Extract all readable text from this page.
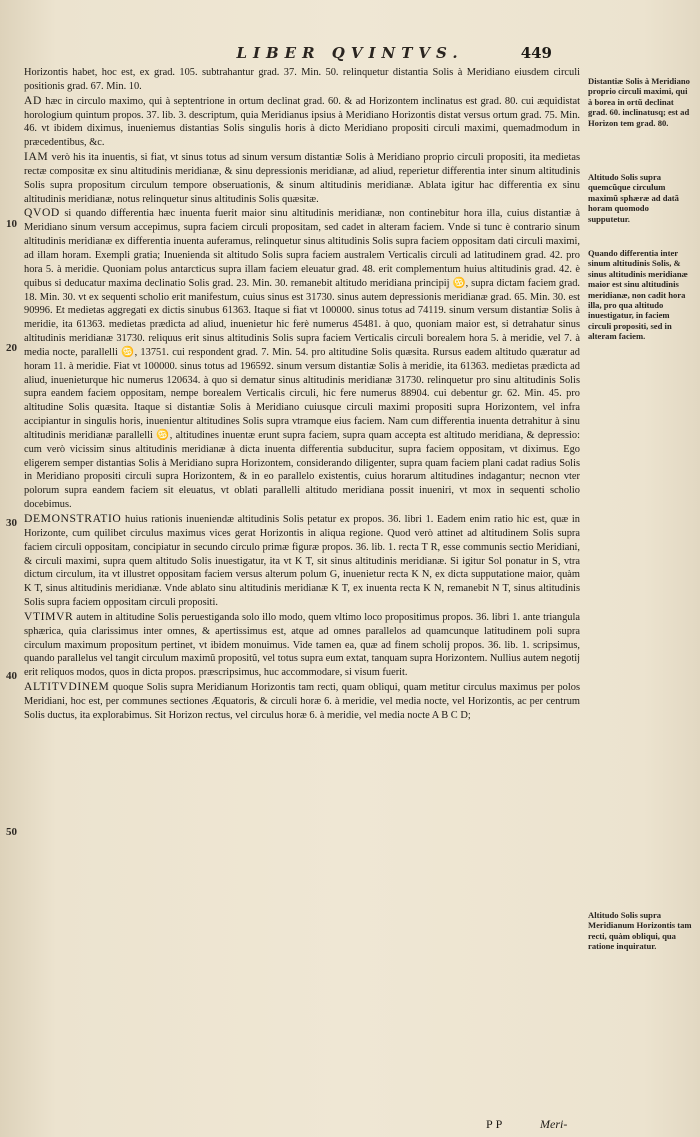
LIBER QVINTVS.	449

Horizontis habet, hoc est, ex grad. 105. subtrahantur grad. 37. Min. 50. relinquetur distantia Solis à Meridiano eiusdem circuli positionis grad. 67. Min. 10.

AD hæc in circulo maximo, qui à septentrione in ortum declinat grad. 60. & ad Horizontem inclinatus est grad. 80. cui æquidistat horologium quintum propos. 37. lib. 3. descriptum, quia Meridianus ipsius à Meridiano Horizontis distat versus ortum grad. 75. Min. 46. vt ibidem diximus, inueniemus distantias Solis singulis horis à dicto Meridiano propositi circuli maximi, quemadmodum in præcedentibus, &c.

IAM verò his ita inuentis, si fiat, vt sinus totus ad sinum versum distantiæ Solis à Meridiano proprio circuli propositi, ita medietas rectæ compositæ ex sinu altitudinis meridianæ, & sinu depressionis meridianæ, ad aliud, reperietur differentia inter sinum altitudinis Solis supra propositum circulum tempore obseruationis, & sinum altitudinis meridianæ. Ablata igitur hac differentia ex sinu altitudinis meridianæ, notus relinquetur sinus altitudinis Solis quæsitæ.

QVOD si quando differentia hæc inuenta fuerit maior sinu altitudinis meridianæ, non continebitur hora illa, cuius distantiæ à Meridiano sinum versum accepimus, supra faciem circuli propositam, sed cadet in alteram faciem. Vnde si tunc è contrario sinum altitudinis meridianæ ex differentia inuenta auferamus, relinquetur sinus altitudinis Solis supra faciem oppositam dati circuli maximi, ad illam horam. Exempli gratia; Inuenienda sit altitudo Solis supra faciem australem Verticalis circuli ad latitudinem grad. 42. pro hora 5. à meridie. Quoniam polus antarcticus supra illam faciem eleuatur grad. 48. erit complementum huius altitudinis grad. 42. è quibus si deducatur maxima declinatio Solis grad. 23. Min. 30. remanebit altitudo meridiana principij ♋, supra dictam faciem grad. 18. Min. 30. vt ex sequenti scholio erit manifestum, cuius sinus est 31730. sinus autem depressionis meridianæ grad. 65. Min. 30. est 90996. Et medietas aggregati ex dictis sinubus 61363. Itaque si fiat vt 100000. sinus totus ad 74119. sinum versum distantiæ Solis à meridie, ita 61363. medietas prædicta ad aliud, inuenietur hic ferè numerus 45481. à quo, quoniam maior est, si detrahatur sinus altitudinis meridianæ 31730. reliquus erit sinus altitudinis Solis supra faciem Verticalis circuli borealem hora 5. à meridie, vel 7. à media nocte, parallelli ♋, 13751. cui respondent grad. 7. Min. 54. pro altitudine Solis quæsita. Rursus eadem altitudo quæratur ad horam 11. à meridie. Fiat vt 100000. sinus totus ad 196592. sinum versum distantiæ Solis à meridie, ita 61363. medietas prædicta ad aliud, inuenieturque hic numerus 120634. à quo si dematur sinus altitudinis meridianæ 31730. relinquetur pro sinu altitudinis Solis supra eandem faciem oppositam, nempe borealem Verticalis circuli, hic fere numerus 88904. cui debentur gr. 62. Min. 45. pro altitudine Solis quæsita. Itaque si distantiæ Solis à Meridiano cuiusque circuli maximi propositi supra Horizontem, vel infra accipiantur in singulis horis, inuenientur altitudines Solis supra vtramque eius faciem. Nam cum differentia inuenta detrahitur à sinu altitudinis meridianæ parallelli ♋, altitudines inuentæ erunt supra faciem, supra quam accepta est altitudo meridiana, & depressio: cum verò vicissim sinus altitudinis meridianæ à dicta inuenta differentia subducitur, supra faciem oppositam, vt diximus. Ego eligerem semper distantias Solis à Meridiano supra Horizontem, considerando diligenter, supra quam faciem plani cadat radius Solis in Meridiano propositi circuli supra Horizontem, & in eo parallelo existentis, cuius horarum altitudines indagantur; necnon vter polorum supra eandem faciem sit eleuatus, vt oblati parallelli altitudo meridiana possit inueniri, vt mox in sequenti scholio docebimus.

DEMONSTRATIO huius rationis inueniendæ altitudinis Solis petatur ex propos. 36. libri 1. Eadem enim ratio hic est, quæ in Horizonte, cum quilibet circulus maximus vices gerat Horizontis in aliqua regione. Quod verò attinet ad altitudinem Solis supra faciem circuli oppositam, concipiatur in secundo circulo primæ figuræ propos. 36. lib. 1. recta T R, esse communis sectio Meridiani, & circuli maximi, supra quem altitudo Solis inuestigatur, ita vt K T, sit sinus altitudinis meridianæ. Si igitur Sol ponatur in S, vtra dictum circulum, ita vt illustret oppositam faciem versus alterum polum G, inuenietur recta K N, ex dicta supputatione maior, quàm K T, sinus altitudinis meridianæ. Vnde ablato sinu altitudinis meridianæ K T, ex inuenta recta K N, remanebit N T, sinus altitudinis Solis supra faciem oppositam circuli propositi.

VTIMVR autem in altitudine Solis peruestiganda solo illo modo, quem vltimo loco propositimus propos. 36. libri 1. ante triangula sphærica, quia clarissimus inter omnes, & apertissimus est, atque ad omnes parallelos ad quamcunque latitudinem poli supra circulum maximum propositum pertinet, vt ibidem monuimus. Vide tamen ea, quæ ad finem scholij propos. 36. lib. 1. scripsimus, quando parallelus vel tangit circulum maximũ propositũ, vel totus supra eum extat, tanquam supra Horizontem. Nullius autem negotij erit reliquos modos, quos in dicta propos. præscripsimus, huc accommodare, si visum fuerit.

ALTITVDINEM quoque Solis supra Meridianum Horizontis tam recti, quam obliqui, quam metitur circulus maximus per polos Meridiani, hoc est, per communes sectiones Æquatoris, & circuli horæ 6. à meridie, vel media nocte, vel Horizontis, ac per centrum Solis ductus, ita explorabimus. Sit Horizon rectus, vel circulus horæ 6. à meridie, vel media nocte A B C D;

Distantiæ Solis à Meridiano proprio circuli maximi, qui à borea in ortũ declinat grad. 60. inclinatusq; est ad Horizon tem grad. 80.
Altitudo Solis supra quemcũque circulum maximũ sphæræ ad datã horam quomodo supputetur.
Quando differentia inter sinum altitudinis Solis, & sinus altitudinis meridianæ maior est sinu altitudinis meridianæ, non cadit hora illa, pro qua altitudo inuestigatur, in faciem circuli propositi, sed in alteram faciem.
Altitudo Solis supra Meridianum Horizontis tam recti, quàm obliqui, qua ratione inquiratur.
10
20
30
40
50
PP	Meri-
